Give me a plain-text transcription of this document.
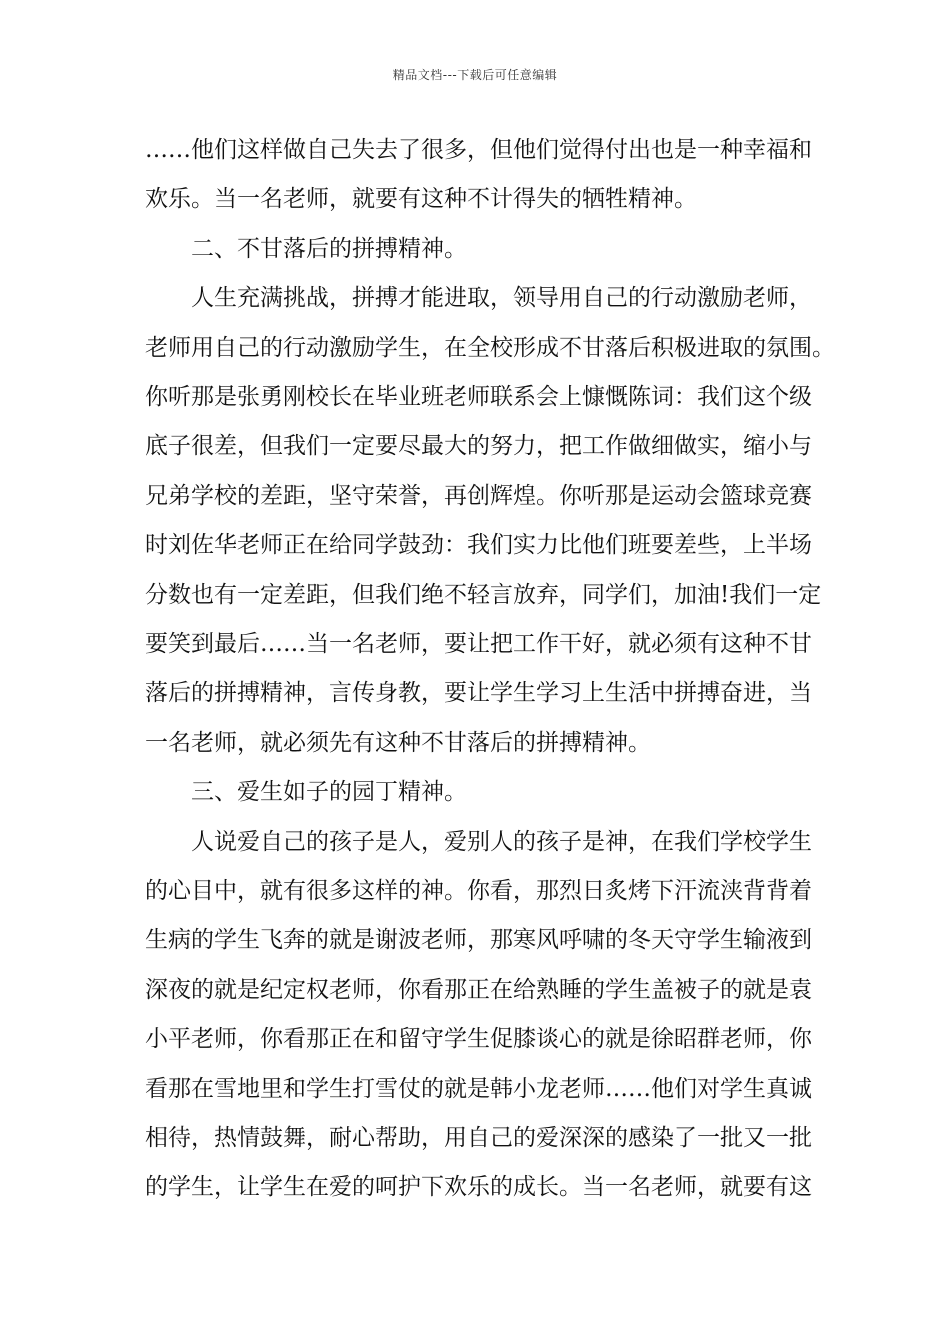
精品文档---下载后可任意编辑
……他们这样做自己失去了很多，但他们觉得付出也是一种幸福和
欢乐。当一名老师，就要有这种不计得失的牺牲精神。
二、不甘落后的拼搏精神。
人生充满挑战，拼搏才能进取，领导用自己的行动激励老师，
老师用自己的行动激励学生，在全校形成不甘落后积极进取的氛围。
你听那是张勇刚校长在毕业班老师联系会上慷慨陈词：我们这个级
底子很差，但我们一定要尽最大的努力，把工作做细做实，缩小与
兄弟学校的差距，坚守荣誉，再创辉煌。你听那是运动会篮球竞赛
时刘佐华老师正在给同学鼓劲：我们实力比他们班要差些，上半场
分数也有一定差距，但我们绝不轻言放弃，同学们，加油!我们一定
要笑到最后……当一名老师，要让把工作干好，就必须有这种不甘
落后的拼搏精神，言传身教，要让学生学习上生活中拼搏奋进，当
一名老师，就必须先有这种不甘落后的拼搏精神。
三、爱生如子的园丁精神。
人说爱自己的孩子是人，爱别人的孩子是神，在我们学校学生
的心目中，就有很多这样的神。你看，那烈日炙烤下汗流浃背背着
生病的学生飞奔的就是谢波老师，那寒风呼啸的冬天守学生输液到
深夜的就是纪定权老师，你看那正在给熟睡的学生盖被子的就是袁
小平老师，你看那正在和留守学生促膝谈心的就是徐昭群老师，你
看那在雪地里和学生打雪仗的就是韩小龙老师……他们对学生真诚
相待，热情鼓舞，耐心帮助，用自己的爱深深的感染了一批又一批
的学生，让学生在爱的呵护下欢乐的成长。当一名老师，就要有这
